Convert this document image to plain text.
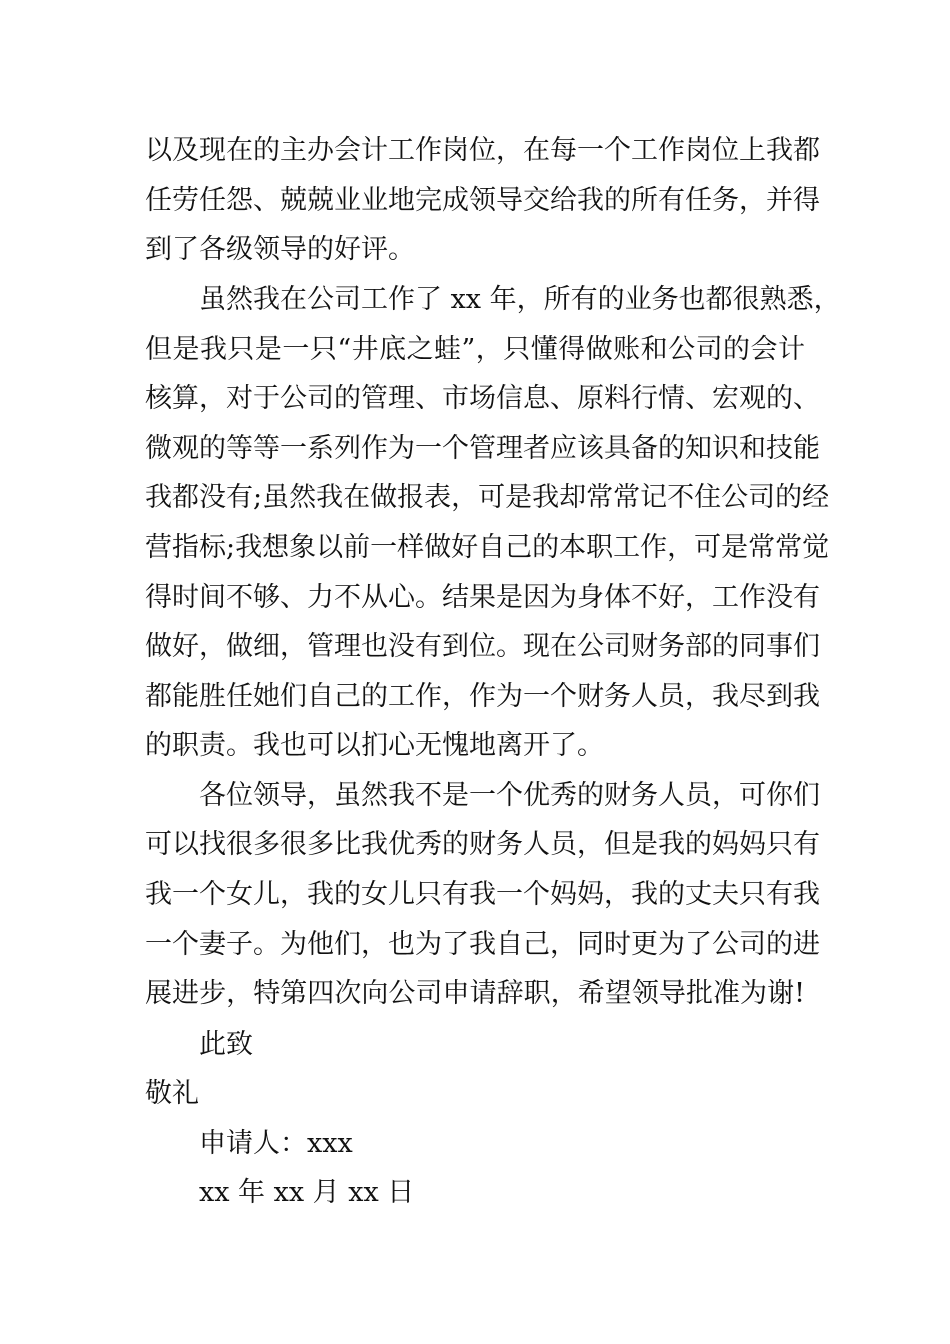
以及现在的主办会计工作岗位，在每一个工作岗位上我都
任劳任怨、兢兢业业地完成领导交给我的所有任务，并得
到了各级领导的好评。
虽然我在公司工作了 xx 年，所有的业务也都很熟悉，
但是我只是一只“井底之蛙”，只懂得做账和公司的会计
核算，对于公司的管理、市场信息、原料行情、宏观的、
微观的等等一系列作为一个管理者应该具备的知识和技能
我都没有;虽然我在做报表，可是我却常常记不住公司的经
营指标;我想象以前一样做好自己的本职工作，可是常常觉
得时间不够、力不从心。结果是因为身体不好，工作没有
做好，做细，管理也没有到位。现在公司财务部的同事们
都能胜任她们自己的工作，作为一个财务人员，我尽到我
的职责。我也可以扪心无愧地离开了。
各位领导，虽然我不是一个优秀的财务人员，可你们
可以找很多很多比我优秀的财务人员，但是我的妈妈只有
我一个女儿，我的女儿只有我一个妈妈，我的丈夫只有我
一个妻子。为他们，也为了我自己，同时更为了公司的进
展进步，特第四次向公司申请辞职，希望领导批准为谢!
此致
敬礼
申请人：xxx
xx 年 xx 月 xx 日
